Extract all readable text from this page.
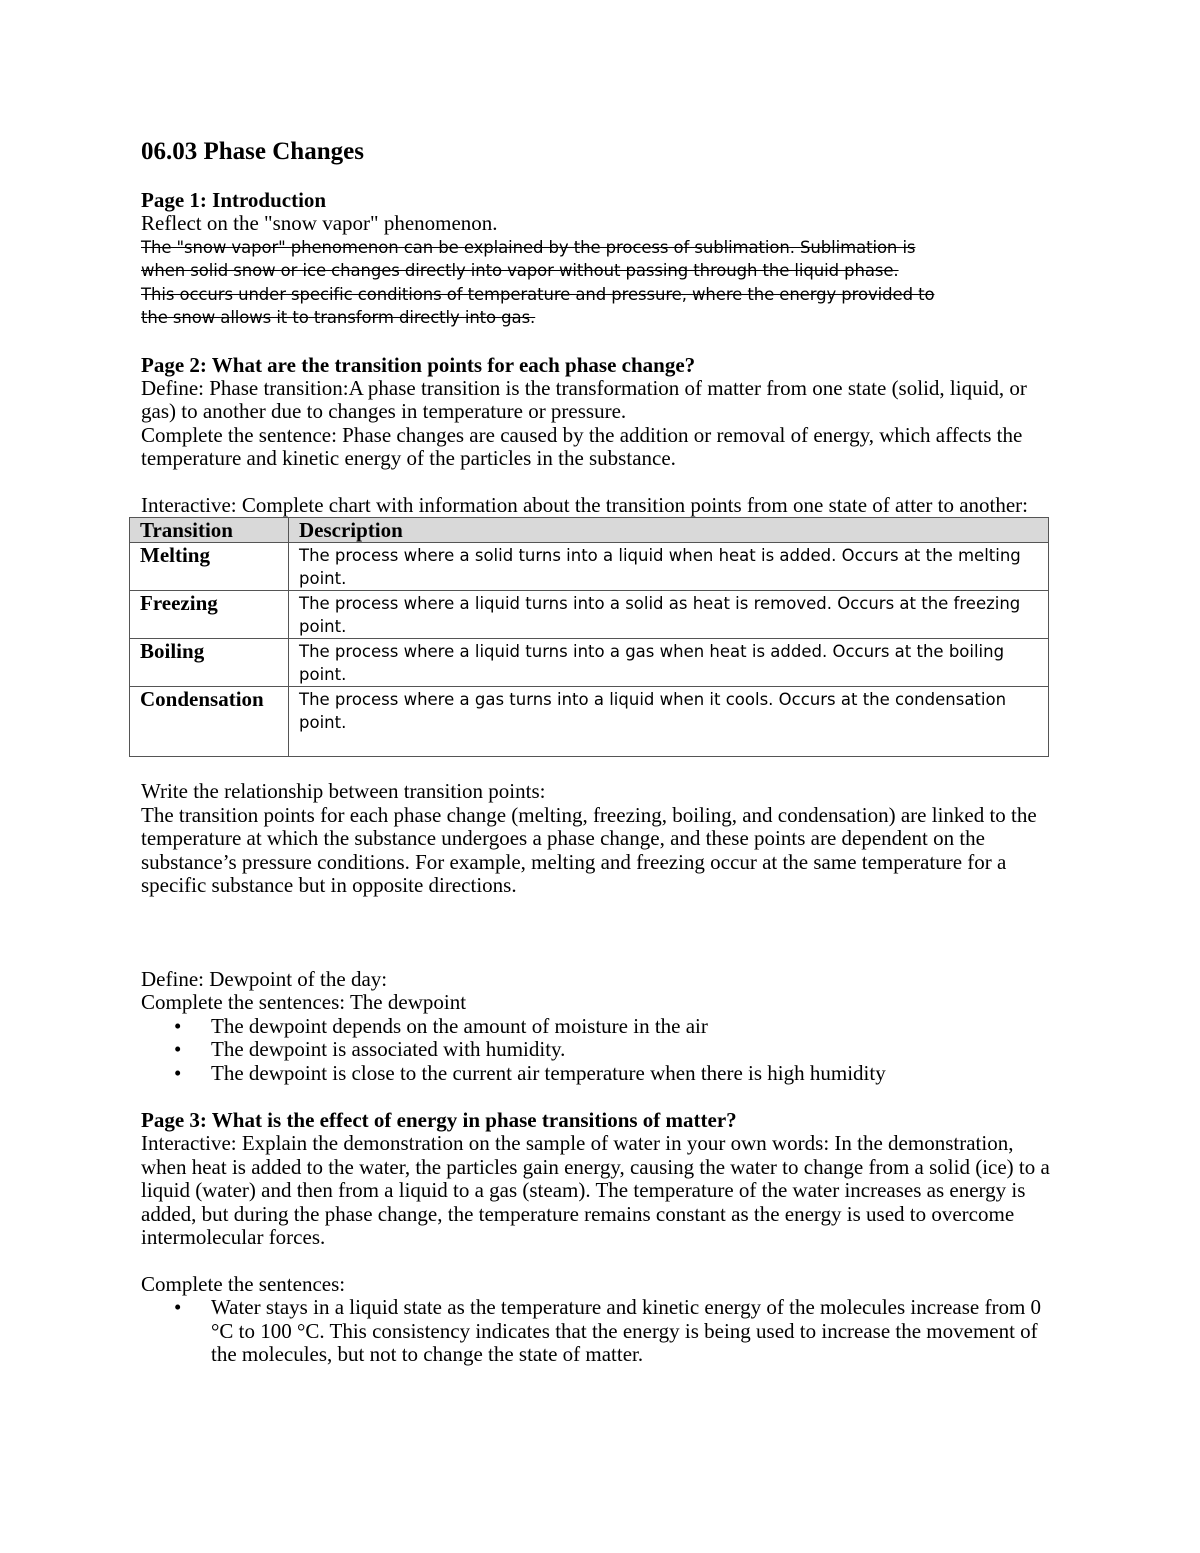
06.03 Phase Changes

Page 1: Introduction

Reflect on the "snow vapor" phenomenon.

The "snow vapor" phenomenon can be explained by the process of sublimation. Sublimation is

when solid snow or ice changes directly into vapor without passing through the liquid phase.

This occurs under specific conditions of temperature and pressure, where the energy provided to

the snow allows it to transform directly into gas.

Page 2: What are the transition points for each phase change?

Define: Phase transition:A phase transition is the transformation of matter from one state (solid, liquid, or gas) to another due to changes in temperature or pressure.

Complete the sentence: Phase changes are caused by the addition or removal of energy, which affects the temperature and kinetic energy of the particles in the substance.

Interactive: Complete chart with information about the transition points from one state of atter to another:

Transition	Description
Melting	The process where a solid turns into a liquid when heat is added. Occurs at the melting point.
Freezing	The process where a liquid turns into a solid as heat is removed. Occurs at the freezing point.
Boiling	The process where a liquid turns into a gas when heat is added. Occurs at the boiling point.
Condensation	The process where a gas turns into a liquid when it cools. Occurs at the condensation point.

Write the relationship between transition points:

The transition points for each phase change (melting, freezing, boiling, and condensation) are linked to the temperature at which the substance undergoes a phase change, and these points are dependent on the substance’s pressure conditions. For example, melting and freezing occur at the same temperature for a specific substance but in opposite directions.

Define: Dewpoint of the day:

Complete the sentences: The dewpoint

• The dewpoint depends on the amount of moisture in the air
• The dewpoint is associated with humidity.
• The dewpoint is close to the current air temperature when there is high humidity

Page 3: What is the effect of energy in phase transitions of matter?

Interactive: Explain the demonstration on the sample of water in your own words: In the demonstration, when heat is added to the water, the particles gain energy, causing the water to change from a solid (ice) to a liquid (water) and then from a liquid to a gas (steam). The temperature of the water increases as energy is added, but during the phase change, the temperature remains constant as the energy is used to overcome intermolecular forces.

Complete the sentences:

• Water stays in a liquid state as the temperature and kinetic energy of the molecules increase from 0 °C to 100 °C. This consistency indicates that the energy is being used to increase the movement of the molecules, but not to change the state of matter.
